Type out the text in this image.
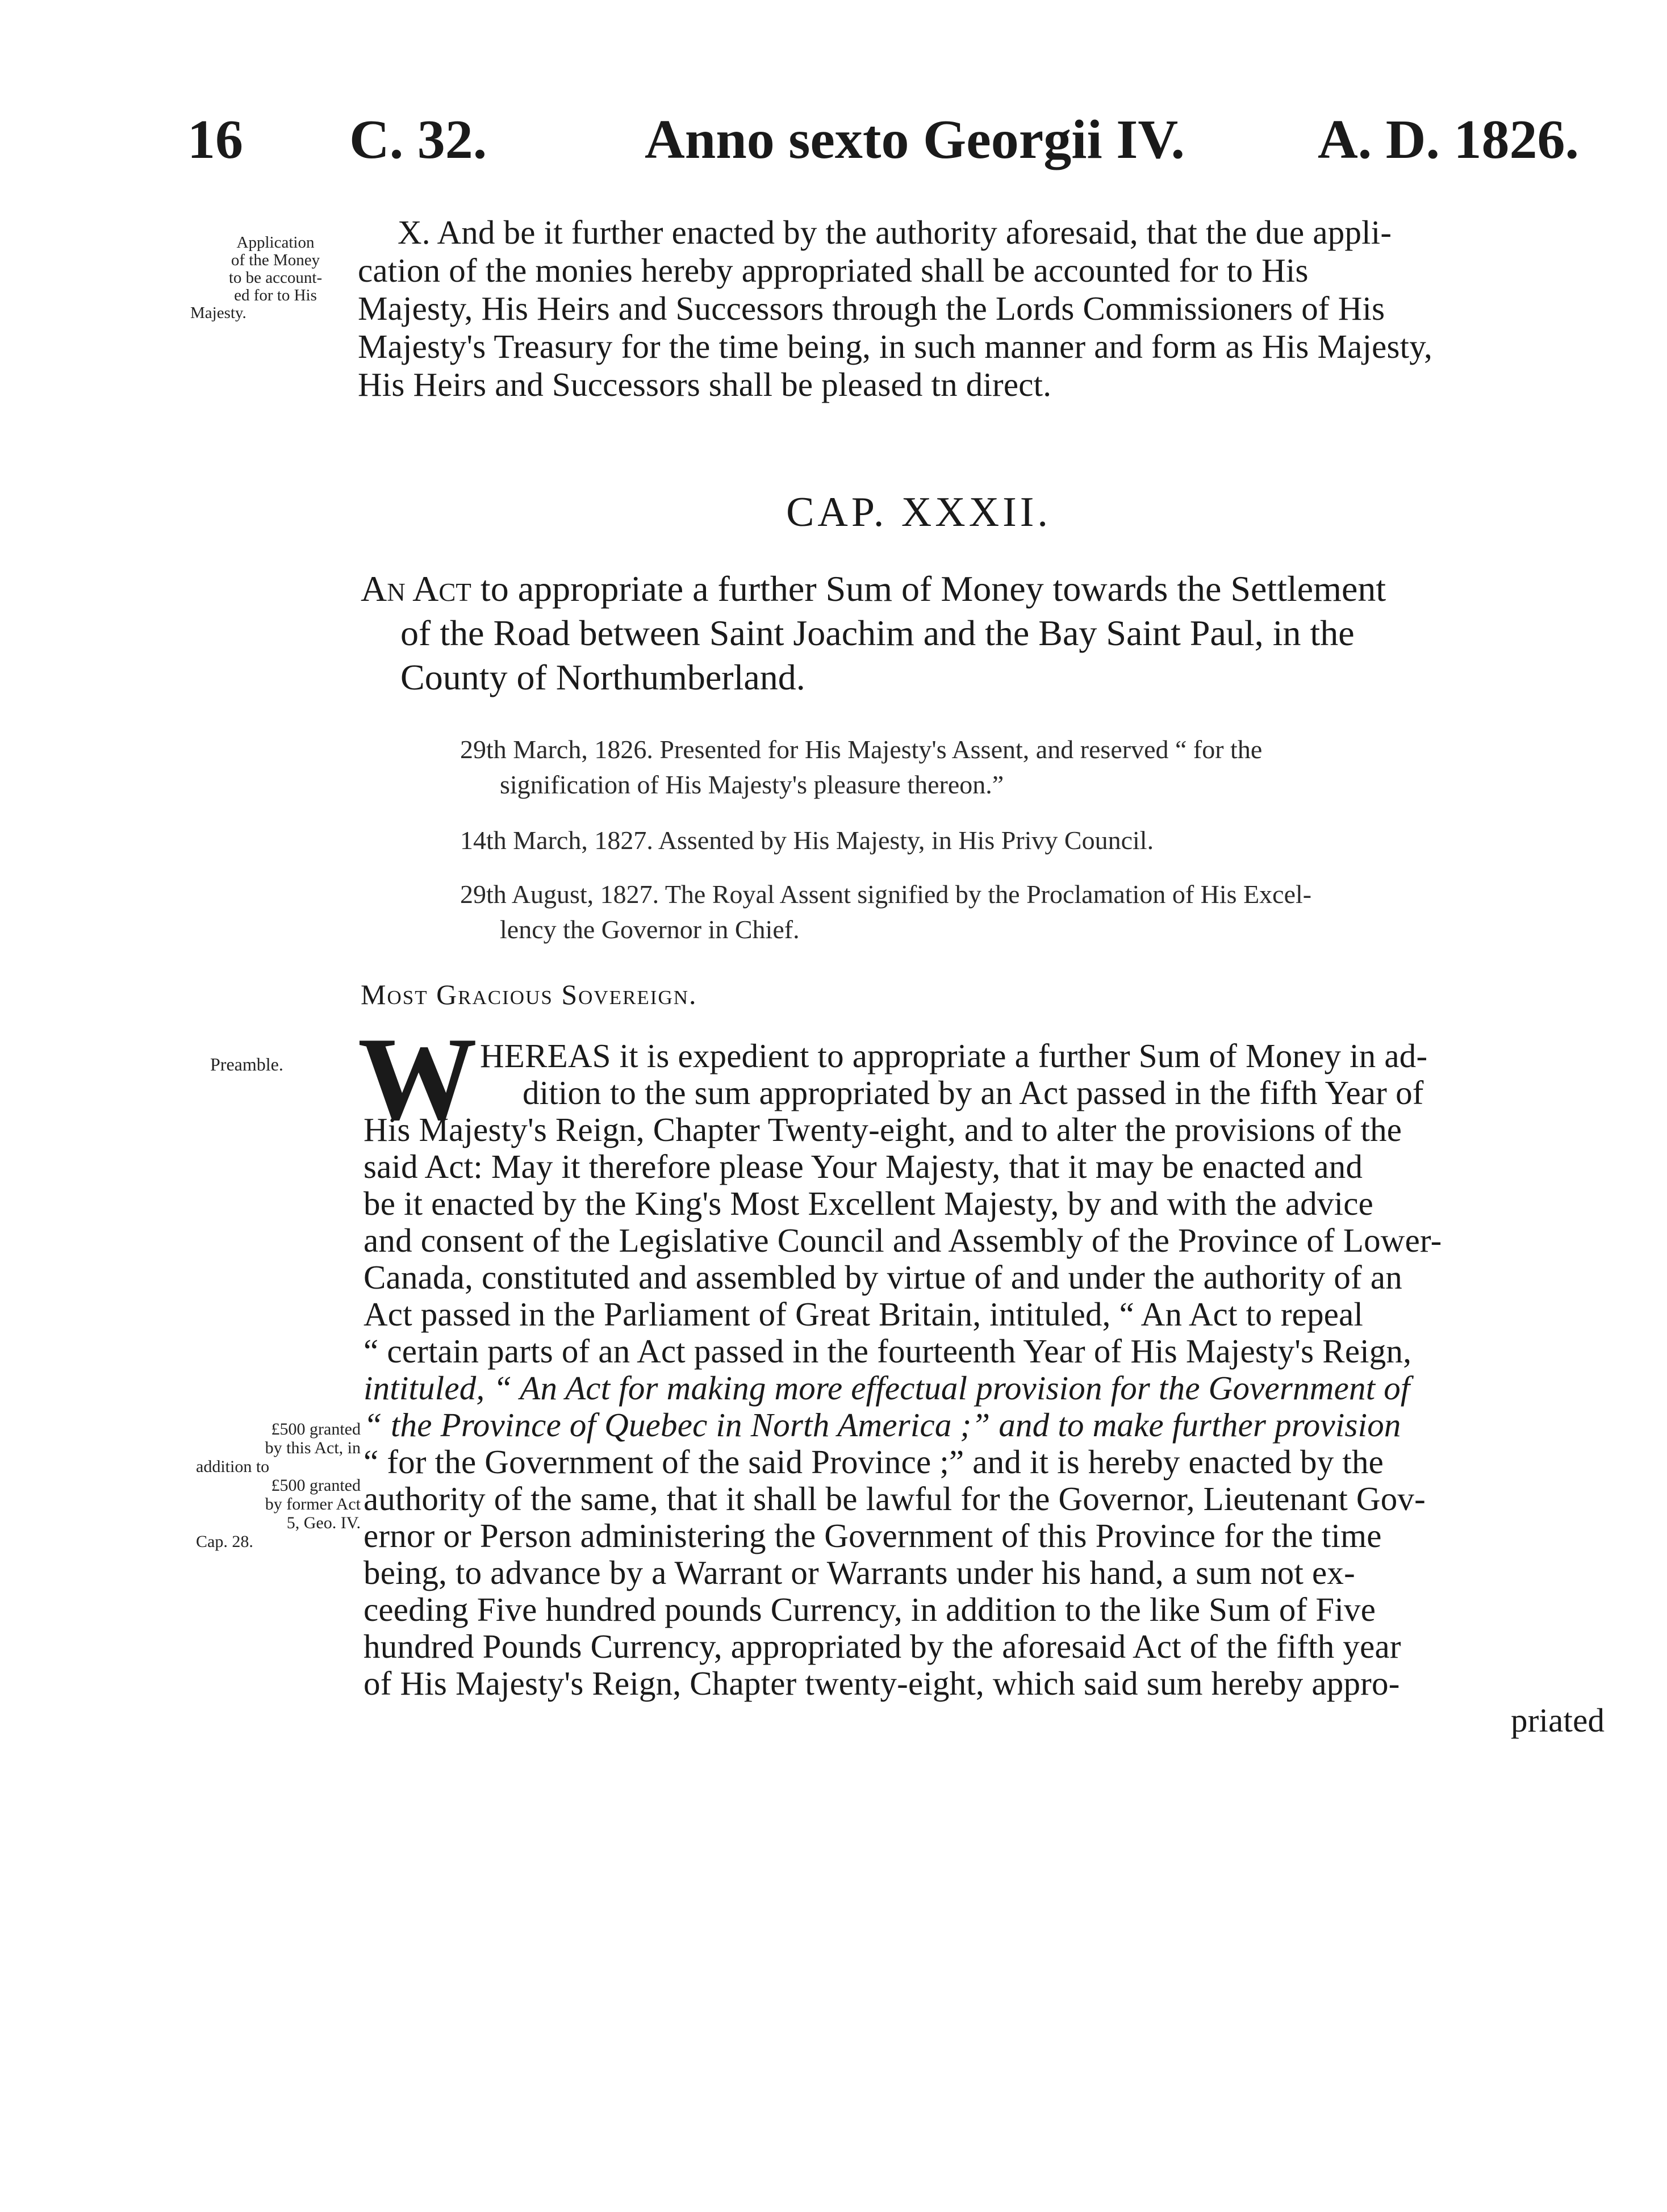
16 C. 32.	Anno sexto Georgii IV. A. D. 1826.
Application
of the Money
to be account-
ed for to His
Majesty.
X. And be it further enacted by the authority aforesaid, that the due appli-
cation of the monies hereby appropriated shall be accounted for to His
Majesty, His Heirs and Successors through the Lords Commissioners of His
Majesty's Treasury for the time being, in such manner and form as His Majesty,
His Heirs and Successors shall be pleased tn direct.
CAP. XXXII.
An Act to appropriate a further Sum of Money towards the Settlement
of the Road between Saint Joachim and the Bay Saint Paul, in the
County of Northumberland.
29th March, 1826. Presented for His Majesty's Assent, and reserved “ for the
signification of His Majesty's pleasure thereon.”
14th March, 1827. Assented by His Majesty, in His Privy Council.
29th August, 1827. The Royal Assent signified by the Proclamation of His Excel-
lency the Governor in Chief.
Most Gracious Sovereign.
Preamble. W HEREAS it is expedient to appropriate a further Sum of Money in ad-
dition to the sum appropriated by an Act passed in the fifth Year of
His Majesty's Reign, Chapter Twenty-eight, and to alter the provisions of the
said Act: May it therefore please Your Majesty, that it may be enacted and
be it enacted by the King's Most Excellent Majesty, by and with the advice
and consent of the Legislative Council and Assembly of the Province of Lower-
Canada, constituted and assembled by virtue of and under the authority of an
Act passed in the Parliament of Great Britain, intituled, “ An Act to repeal
“ certain parts of an Act passed in the fourteenth Year of His Majesty's Reign,
intituled, “ An Act for making more effectual provision for the Government of
“ the Province of Quebec in North America ;” and to make further provision
“ for the Government of the said Province ;” and it is hereby enacted by the
authority of the same, that it shall be lawful for the Governor, Lieutenant Gov-
ernor or Person administering the Government of this Province for the time
being, to advance by a Warrant or Warrants under his hand, a sum not ex-
ceeding Five hundred pounds Currency, in addition to the like Sum of Five
hundred Pounds Currency, appropriated by the aforesaid Act of the fifth year
of His Majesty's Reign, Chapter twenty-eight, which said sum hereby appro-
priated
£500 granted
by this Act, in
addition to
£500 granted
by former Act
5, Geo. IV.
Cap. 28.
